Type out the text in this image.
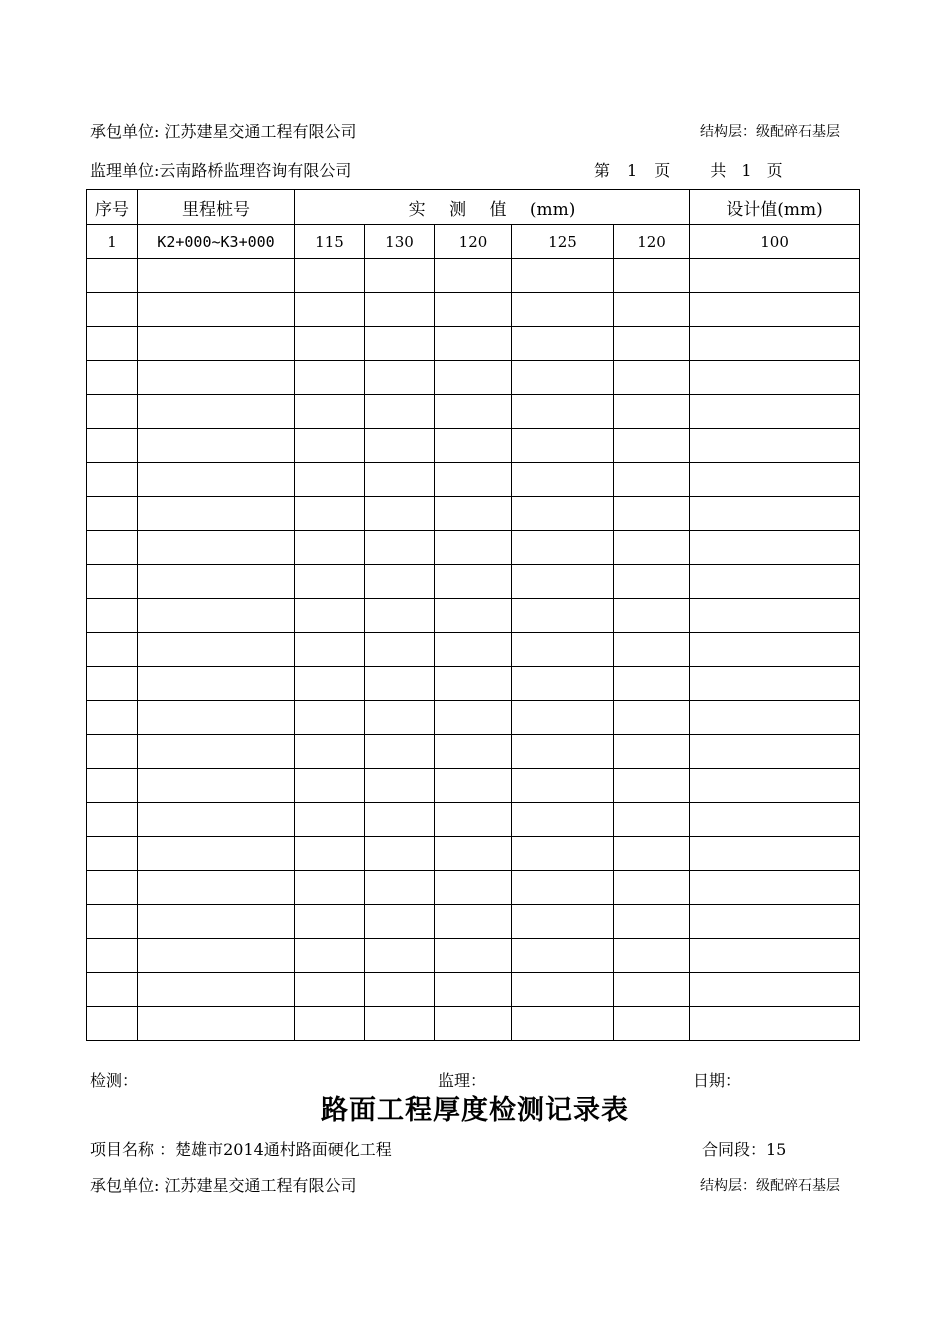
承包单位: 江苏建星交通工程有限公司	结构层：级配碎石基层
监理单位:云南路桥监理咨询有限公司	第 1 页	共 1 页
序号	里程桩号	实 测 值 (mm)					设计值(mm)
1	K2+000~K3+000	115	130	120	125	120	100

检测：	监理：	日期：
路面工程厚度检测记录表
项目名称 ：楚雄市2014通村路面硬化工程	合同段：15
承包单位: 江苏建星交通工程有限公司	结构层：级配碎石基层
